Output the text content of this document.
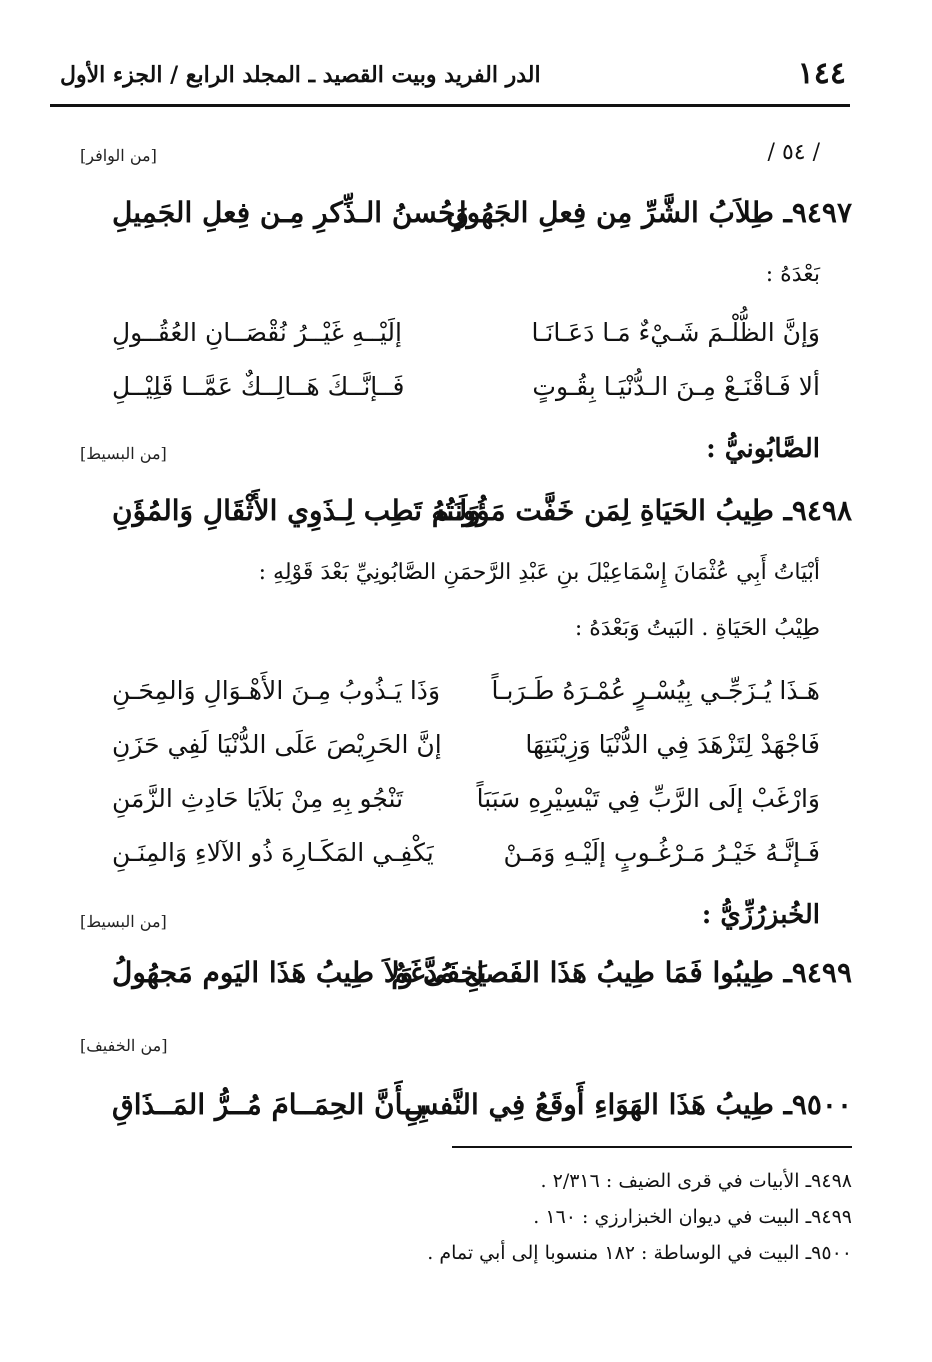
١٤٤
الدر الفريد وبيت القصيد ـ المجلد الرابع / الجزء الأول
/ ٥٤ /
[من الوافر]
٩٤٩٧ـ طِلاَبُ الشَّرِّ مِن فِعلِ الجَهُولِ
وَحُسنُ الـذِّكرِ مِـن فِعلِ الجَمِيلِ
بَعْدَهُ :
وَإنَّ الظُّلْـمَ شَـيْءٌ مَـا دَعَـانَـا
إلَيْــهِ غَيْــرُ نُقْصَــانِ العُقُــولِ
ألا فَـاقْنَـعْ مِـنَ الـدُّنْيَـا بِقُـوتٍ
فَــإنَّــكَ هَــالِــكٌ عَمَّــا قَلِيْــلِ
الصَّابُونيُّ :
[من البسيط]
٩٤٩٨ـ طِيبُ الحَيَاةِ لِمَن خَفَّت مَؤُونَتُهُ
وَلَـم تَطِب لِـذَوِي الأَثْقَالِ وَالمُؤَنِ
أبْيَاتُ أَبِي عُثْمَانَ إِسْمَاعِيْلَ بنِ عَبْدِ الرَّحمَنِ الصَّابُونِيِّ بَعْدَ قَوْلِهِ :
طِيْبُ الحَيَاةِ . البَيتُ وَبَعْدَهُ :
هَـذَا يُـزَجِّـي بِيُسْـرٍ عُمْـرَهُ طَـرَبـاً
وَذَا يَـذُوبُ مِـنَ الأَهْـوَالِ وَالمِحَـنِ
فَاجْهَدْ لِتَزْهَدَ فِي الدُّنْيَا وَزِيْنَتِهَا
إنَّ الحَرِيْصَ عَلَى الدُّنْيَا لَفِي حَزَنِ
وَارْغَبْ إلَى الرَّبِّ فِي تَيْسِيْرِهِ سَبَبَاً
تَنْجُو بِهِ مِنْ بَلاَيَا حَادِثِ الزَّمَنِ
فَـإنَّـهُ خَيْـرُ مَـرْغُـوبٍ إلَيْـهِ وَمَـنْ
يَكْفِـي المَكَـارِهَ ذُو الآلاءِ وَالمِنَـنِ
الخُبزرُزِّيُّ :
[من البسيط]
٩٤٩٩ـ طِيبُوا فَمَا طِيبُ هَذَا الفَصلِ مُدَّغَمٌ
يَخفَى وَلاَ طِيبُ هَذَا اليَوم مَجهُولُ
[من الخفيف]
٩٥٠٠ـ طِيبُ هَذَا الهَوَاءِ أَوقَعُ فِي النَّفسِ
بِــأَنَّ الحِمَــامَ مُــرُّ المَــذَاقِ
٩٤٩٨ـ الأبيات في قرى الضيف : ٢/٣١٦ .
٩٤٩٩ـ البيت في ديوان الخبزارزي : ١٦٠ .
٩٥٠٠ـ البيت في الوساطة : ١٨٢ منسوبا إلى أبي تمام .
